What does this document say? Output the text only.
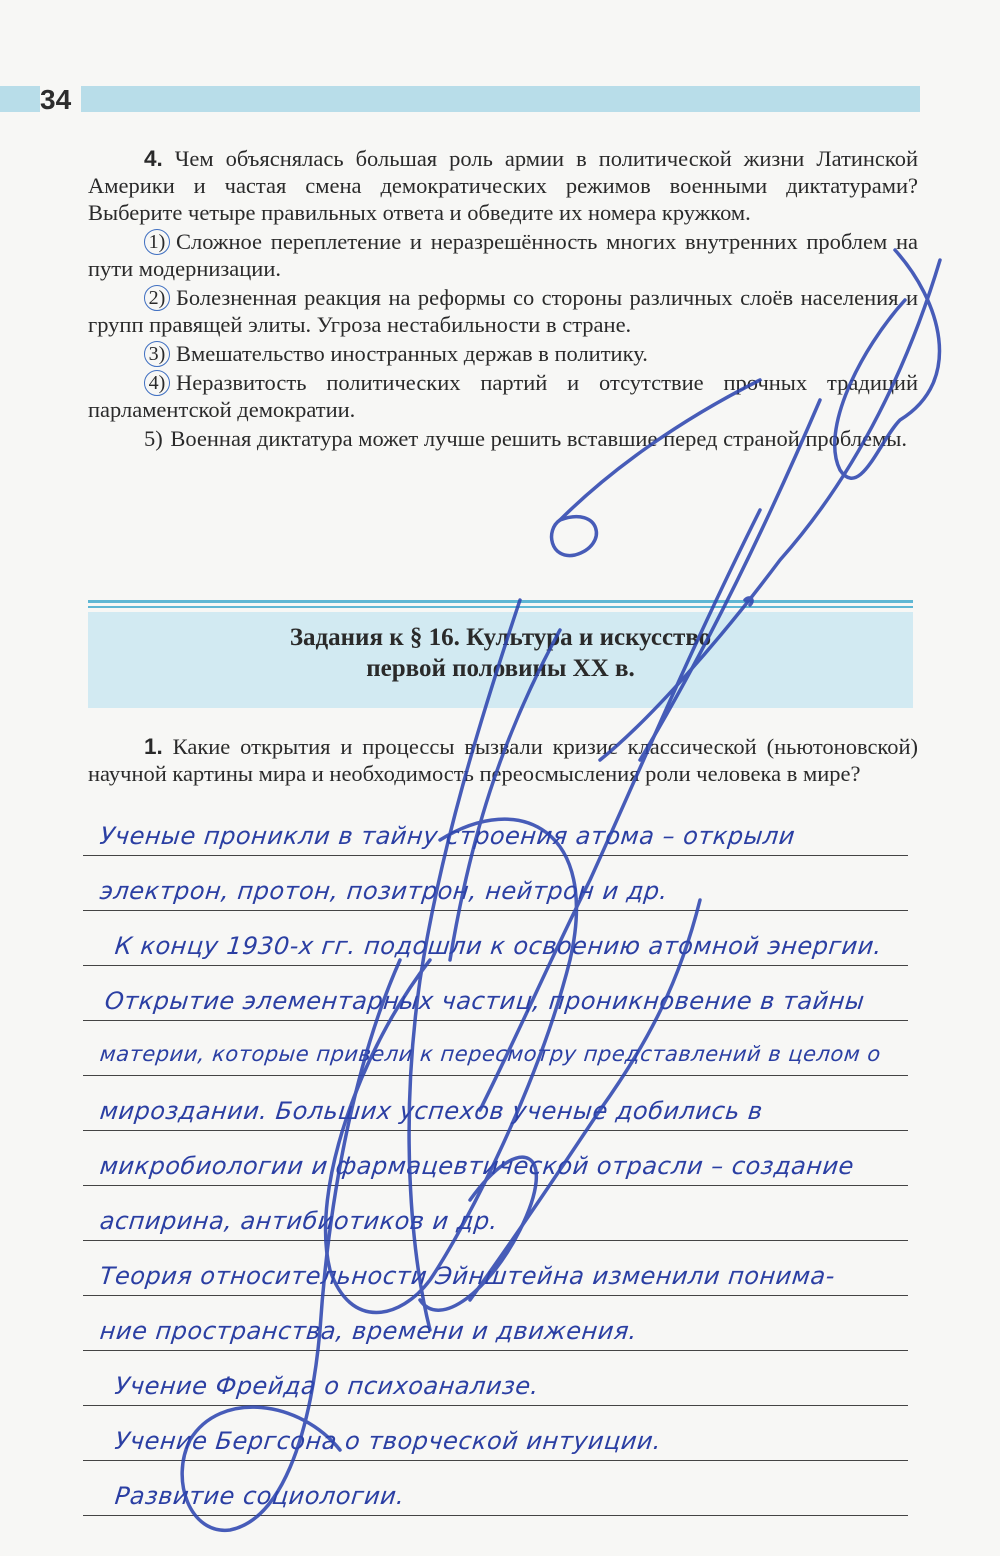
34

4. Чем объяснялась большая роль армии в политической жизни Латинской Америки и частая смена демократических режимов военными диктатурами? Выберите четыре правильных ответа и обведите их номера кружком.

1) Сложное переплетение и неразрешённость многих внутренних проблем на пути модернизации.

2) Болезненная реакция на реформы со стороны различных слоёв населения и групп правящей элиты. Угроза нестабильности в стране.

3) Вмешательство иностранных держав в политику.

4) Неразвитость политических партий и отсутствие прочных традиций парламентской демократии.

5) Военная диктатура может лучше решить вставшие перед страной проблемы.

Задания к § 16. Культура и искусство
первой половины XX в.

1. Какие открытия и процессы вызвали кризис классической (ньютоновской) научной картины мира и необходимость переосмысления роли человека в мире?

Ученые проникли в тайну строения атома – открыли
электрон, протон, позитрон, нейтрон и др.
К концу 1930-х гг. подошли к освоению атомной энергии.
Открытие элементарных частиц, проникновение в тайны
материи, которые привели к пересмотру представлений в целом о
мироздании. Больших успехов ученые добились в
микробиологии и фармацевтической отрасли – создание
аспирина, антибиотиков и др.
Теория относительности Эйнштейна изменили понима-
ние пространства, времени и движения.
Учение Фрейда о психоанализе.
Учение Бергсона о творческой интуиции.
Развитие социологии.
